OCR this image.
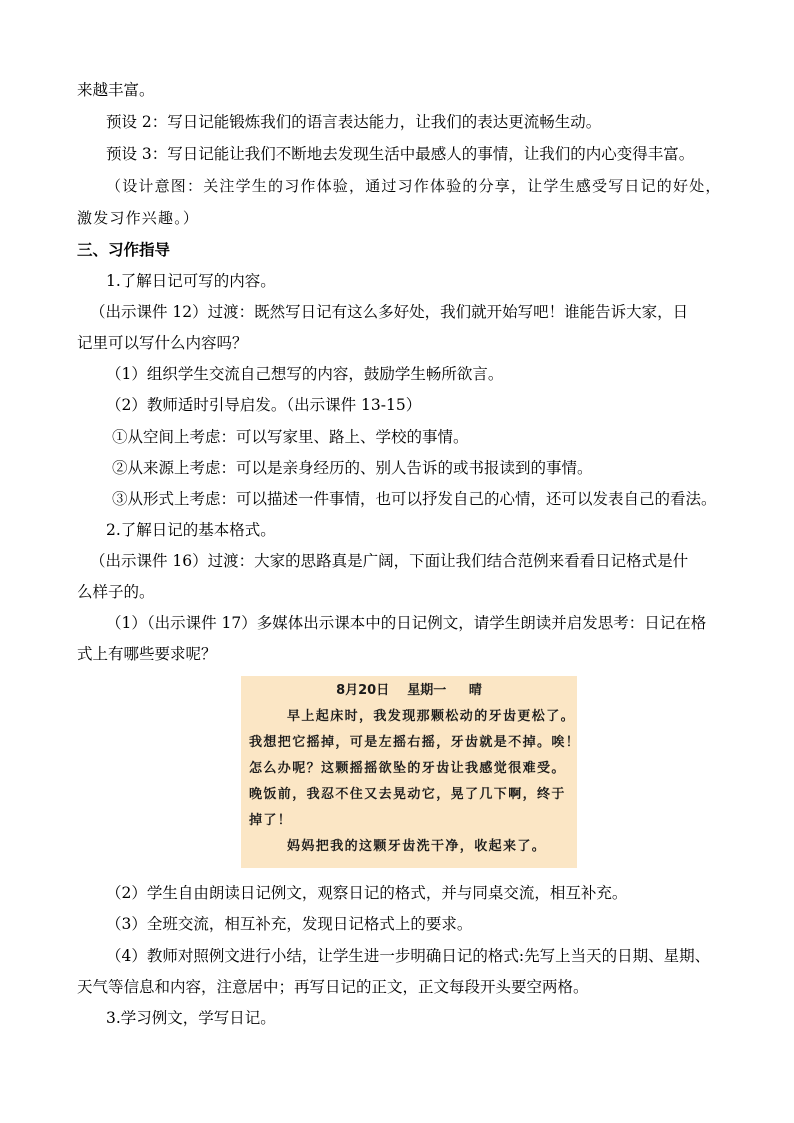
来越丰富。
预设 2：写日记能锻炼我们的语言表达能力，让我们的表达更流畅生动。
预设 3：写日记能让我们不断地去发现生活中最感人的事情，让我们的内心变得丰富。
（设计意图：关注学生的习作体验，通过习作体验的分享，让学生感受写日记的好处，
激发习作兴趣。）
三、习作指导
1.了解日记可写的内容。
（出示课件 12）过渡：既然写日记有这么多好处，我们就开始写吧！谁能告诉大家，日
记里可以写什么内容吗？
（1）组织学生交流自己想写的内容，鼓励学生畅所欲言。
（2）教师适时引导启发。（出示课件 13-15）
①从空间上考虑：可以写家里、路上、学校的事情。
②从来源上考虑：可以是亲身经历的、别人告诉的或书报读到的事情。
③从形式上考虑：可以描述一件事情，也可以抒发自己的心情，还可以发表自己的看法。
2.了解日记的基本格式。
（出示课件 16）过渡：大家的思路真是广阔，下面让我们结合范例来看看日记格式是什
么样子的。
（1）（出示课件 17）多媒体出示课本中的日记例文，请学生朗读并启发思考：日记在格
式上有哪些要求呢？
8月20日    星期一     晴
早上起床时，我发现那颗松动的牙齿更松了。
我想把它摇掉，可是左摇右摇，牙齿就是不掉。唉！
怎么办呢？这颗摇摇欲坠的牙齿让我感觉很难受。
晚饭前，我忍不住又去晃动它，晃了几下啊，终于
掉了！
妈妈把我的这颗牙齿洗干净，收起来了。
（2）学生自由朗读日记例文，观察日记的格式，并与同桌交流，相互补充。
（3）全班交流，相互补充，发现日记格式上的要求。
（4）教师对照例文进行小结，让学生进一步明确日记的格式:先写上当天的日期、星期、
天气等信息和内容，注意居中；再写日记的正文，正文每段开头要空两格。
3.学习例文，学写日记。
